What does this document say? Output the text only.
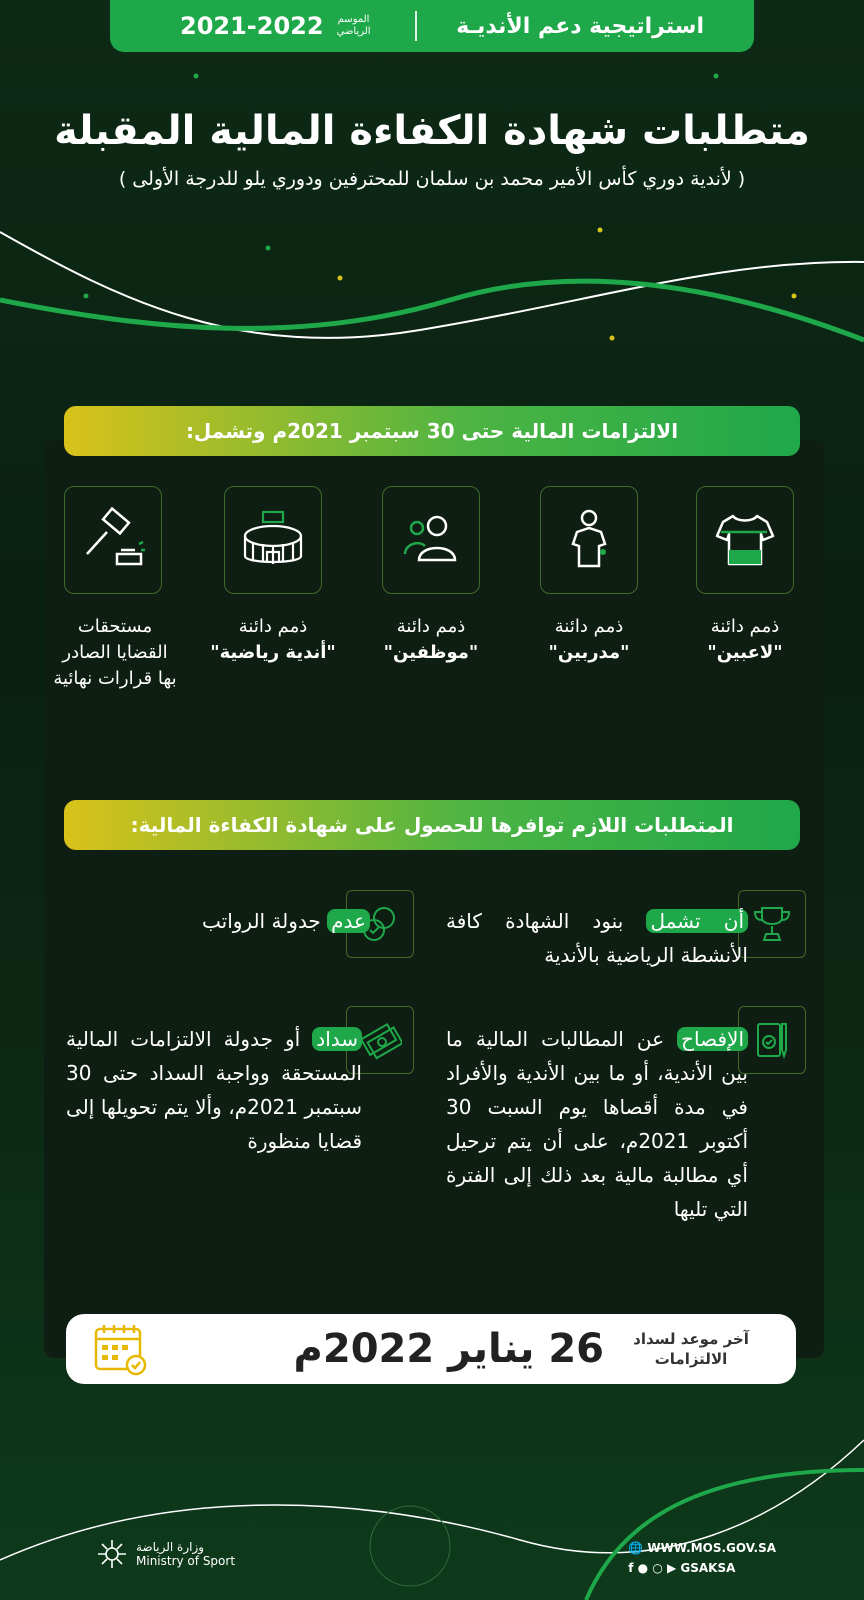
استراتيجية دعم الأنديـة
الموسم الرياضي
2021-2022
متطلبات شهادة الكفاءة المالية المقبلة
( لأندية دوري كأس الأمير محمد بن سلمان للمحترفين ودوري يلو للدرجة الأولى )
الالتزامات المالية حتى 30 سبتمبر 2021م وتشمل:
ذمم دائنة
"لاعبين"
ذمم دائنة
"مدربين"
ذمم دائنة
"موظفين"
ذمم دائنة
"أندية رياضية"
مستحقات
القضايا الصادر
بها قرارات نهائية
المتطلبات اللازم توافرها للحصول على شهادة الكفاءة المالية:
أن تشمل بنود الشهادة كافة الأنشطة الرياضية بالأندية
عدم جدولة الرواتب
الإفصاح عن المطالبات المالية ما بين الأندية، أو ما بين الأندية والأفراد في مدة أقصاها يوم السبت 30 أكتوبر 2021م، على أن يتم ترحيل أي مطالبة مالية بعد ذلك إلى الفترة التي تليها
سداد أو جدولة الالتزامات المالية المستحقة وواجبة السداد حتى 30 سبتمبر 2021م، وألا يتم تحويلها إلى قضايا منظورة
آخر موعد لسداد الالتزامات
26 يناير 2022م
وزارة الرياضة
Ministry of Sport
🌐 WWW.MOS.GOV.SA
f ● ○ ▶ GSAKSA
